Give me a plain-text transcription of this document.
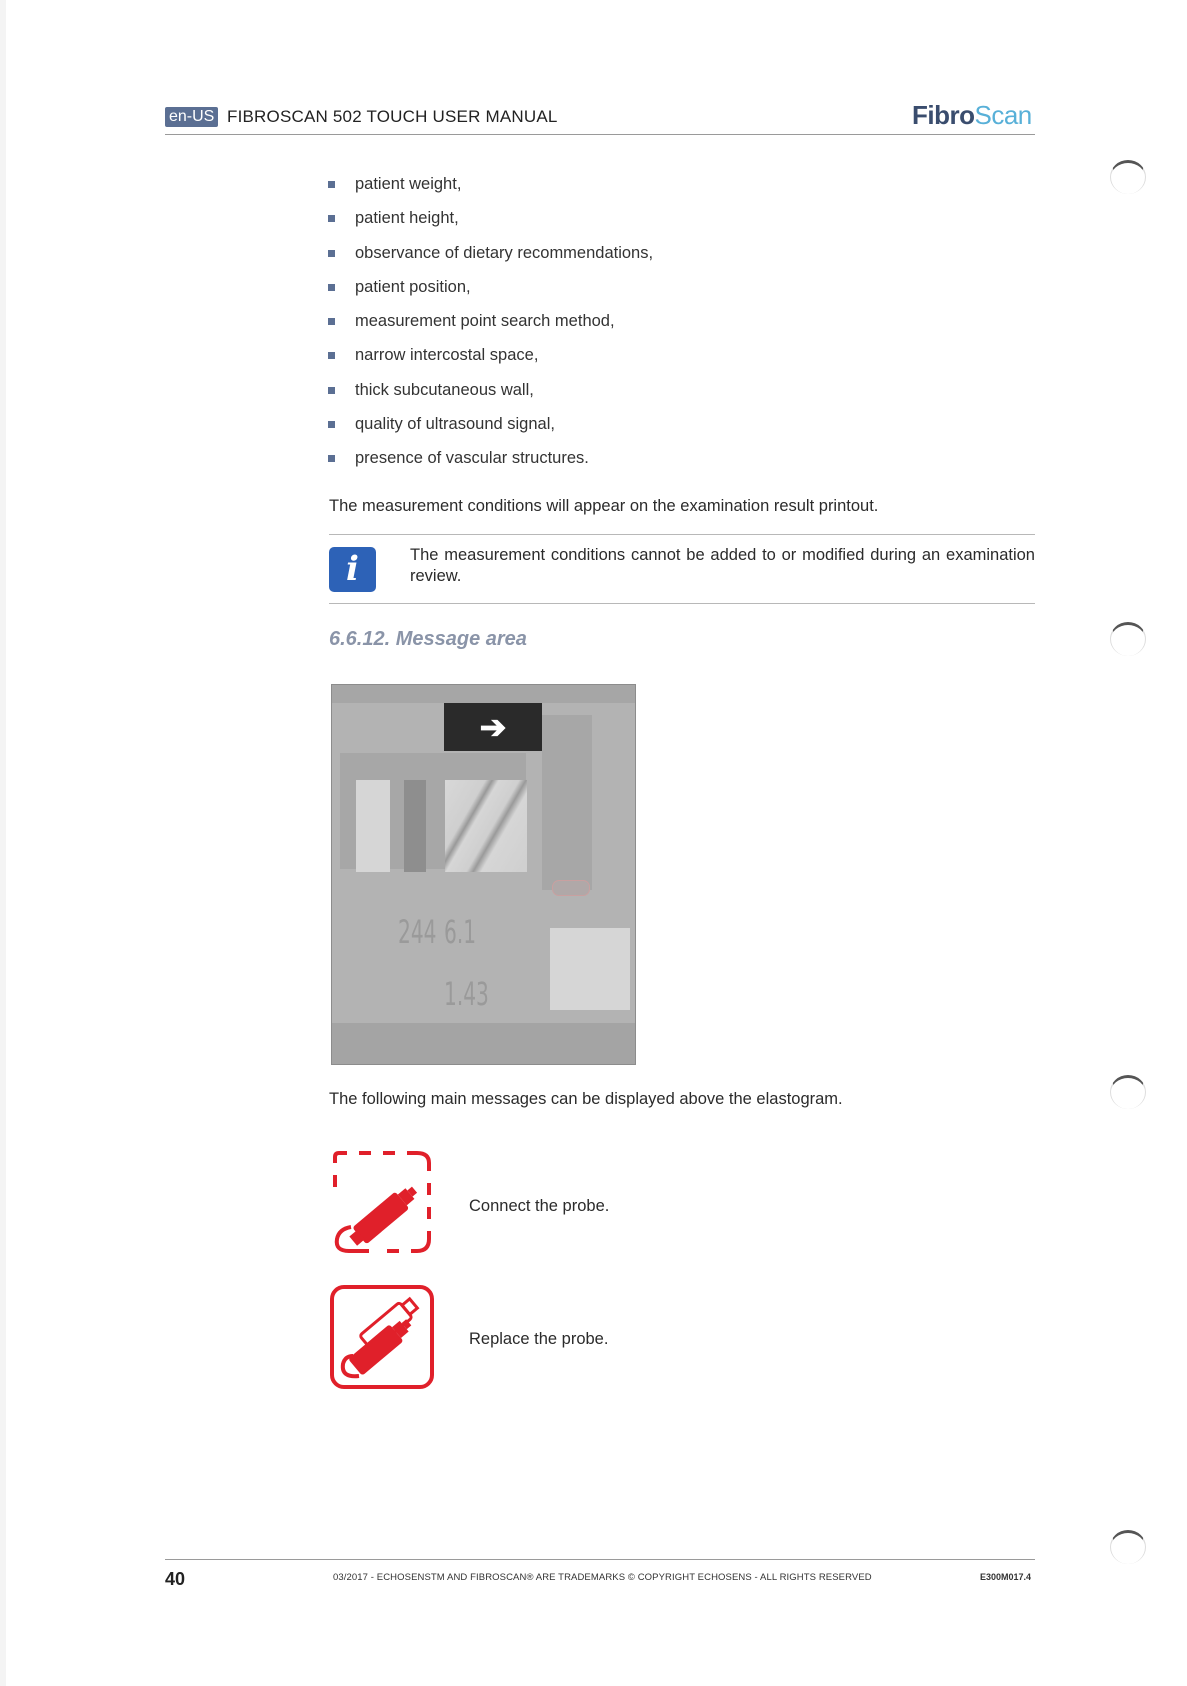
en-US FIBROSCAN 502 TOUCH USER MANUAL	FibroScan
patient weight,
patient height,
observance of dietary recommendations,
patient position,
measurement point search method,
narrow intercostal space,
thick subcutaneous wall,
quality of ultrasound signal,
presence of vascular structures.
The measurement conditions will appear on the examination result printout.
i	The measurement conditions cannot be added to or modified during an examination review.
6.6.12. Message area
➔
244 6.1
1.43
The following main messages can be displayed above the elastogram.
Connect the probe.
Replace the probe.
40	03/2017 - ECHOSENSTM AND FIBROSCAN® ARE TRADEMARKS © COPYRIGHT ECHOSENS - ALL RIGHTS RESERVED	E300M017.4
